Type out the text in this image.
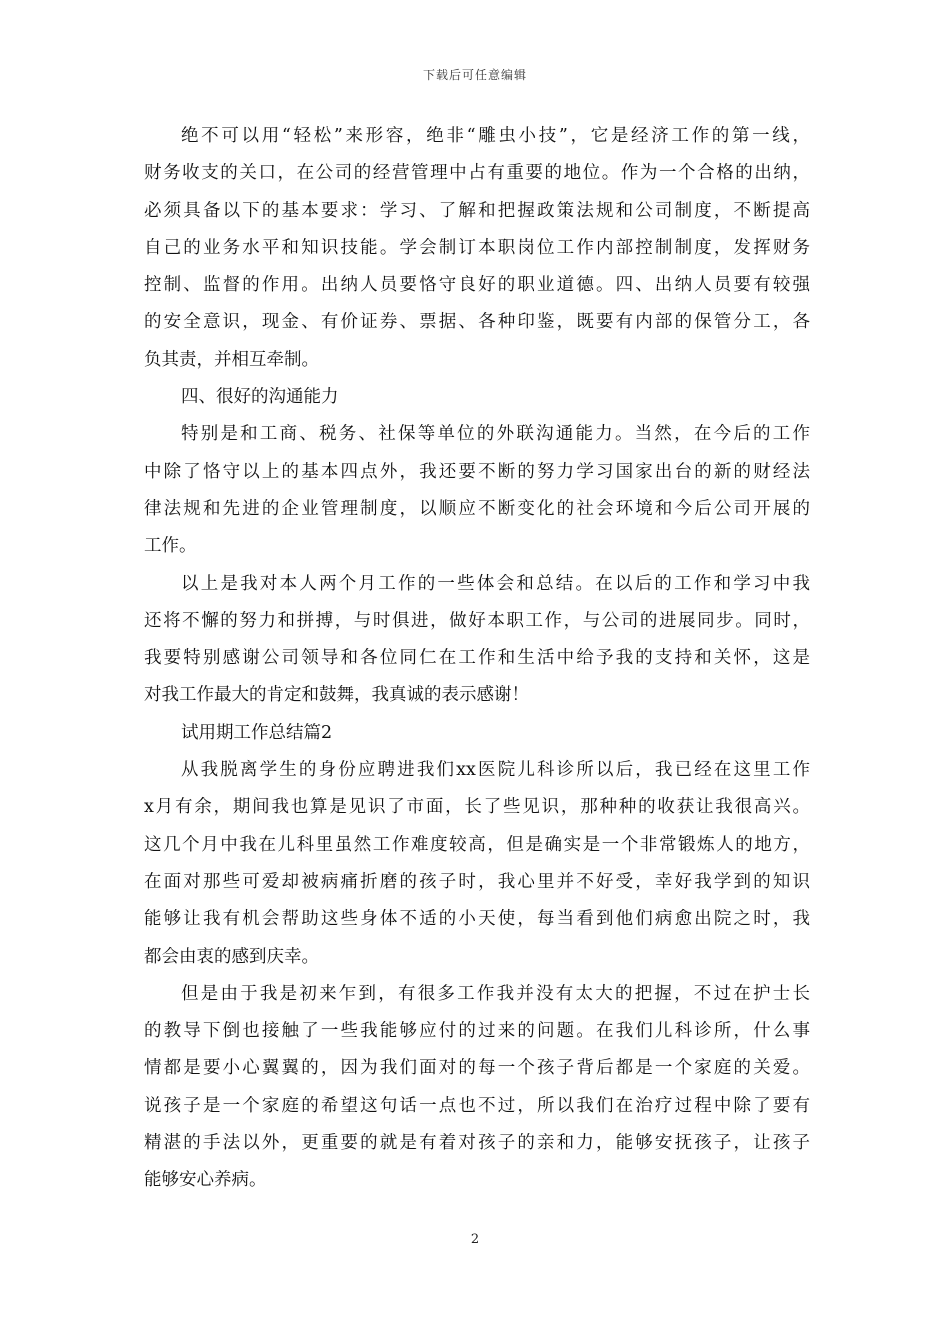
下载后可任意编辑
绝不可以用“轻松”来形容，绝非“雕虫小技”，它是经济工作的第一线，
财务收支的关口，在公司的经营管理中占有重要的地位。作为一个合格的出纳，
必须具备以下的基本要求：学习、了解和把握政策法规和公司制度，不断提高
自己的业务水平和知识技能。学会制订本职岗位工作内部控制制度，发挥财务
控制、监督的作用。出纳人员要恪守良好的职业道德。四、出纳人员要有较强
的安全意识，现金、有价证券、票据、各种印鉴，既要有内部的保管分工，各
负其责，并相互牵制。
四、很好的沟通能力
特别是和工商、税务、社保等单位的外联沟通能力。当然，在今后的工作
中除了恪守以上的基本四点外，我还要不断的努力学习国家出台的新的财经法
律法规和先进的企业管理制度，以顺应不断变化的社会环境和今后公司开展的
工作。
以上是我对本人两个月工作的一些体会和总结。在以后的工作和学习中我
还将不懈的努力和拼搏，与时俱进，做好本职工作，与公司的进展同步。同时，
我要特别感谢公司领导和各位同仁在工作和生活中给予我的支持和关怀，这是
对我工作最大的肯定和鼓舞，我真诚的表示感谢！
试用期工作总结篇2
从我脱离学生的身份应聘进我们xx医院儿科诊所以后，我已经在这里工作
x月有余，期间我也算是见识了市面，长了些见识，那种种的收获让我很高兴。
这几个月中我在儿科里虽然工作难度较高，但是确实是一个非常锻炼人的地方，
在面对那些可爱却被病痛折磨的孩子时，我心里并不好受，幸好我学到的知识
能够让我有机会帮助这些身体不适的小天使，每当看到他们病愈出院之时，我
都会由衷的感到庆幸。
但是由于我是初来乍到，有很多工作我并没有太大的把握，不过在护士长
的教导下倒也接触了一些我能够应付的过来的问题。在我们儿科诊所，什么事
情都是要小心翼翼的，因为我们面对的每一个孩子背后都是一个家庭的关爱。
说孩子是一个家庭的希望这句话一点也不过，所以我们在治疗过程中除了要有
精湛的手法以外，更重要的就是有着对孩子的亲和力，能够安抚孩子，让孩子
能够安心养病。
2
